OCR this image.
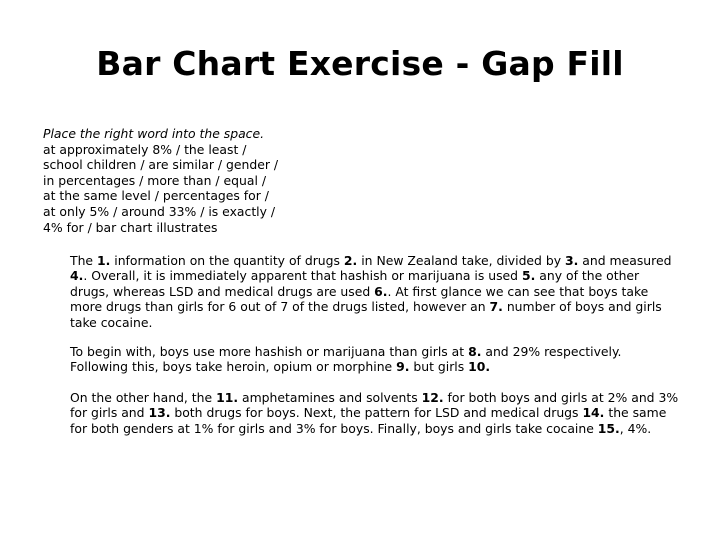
Bar Chart Exercise - Gap Fill
Place the right word into the space.
at approximately 8% / the least /
school children / are similar / gender /
in percentages / more than / equal /
at the same level / percentages for /
at only 5% / around 33% / is exactly /
4% for / bar chart illustrates
The 1. information on the quantity of drugs 2. in New Zealand take, divided by 3. and measured 4.. Overall, it is immediately apparent that hashish or marijuana is used 5. any of the other drugs, whereas LSD and medical drugs are used 6.. At first glance we can see that boys take more drugs than girls for 6 out of 7 of the drugs listed, however an 7. number of boys and girls take cocaine.
To begin with, boys use more hashish or marijuana than girls at 8. and 29% respectively. Following this, boys take heroin, opium or morphine 9. but girls 10.
On the other hand, the 11. amphetamines and solvents 12. for both boys and girls at 2% and 3% for girls and 13. both drugs for boys. Next, the pattern for LSD and medical drugs 14. the same for both genders at 1% for girls and 3% for boys. Finally, boys and girls take cocaine 15., 4%.
